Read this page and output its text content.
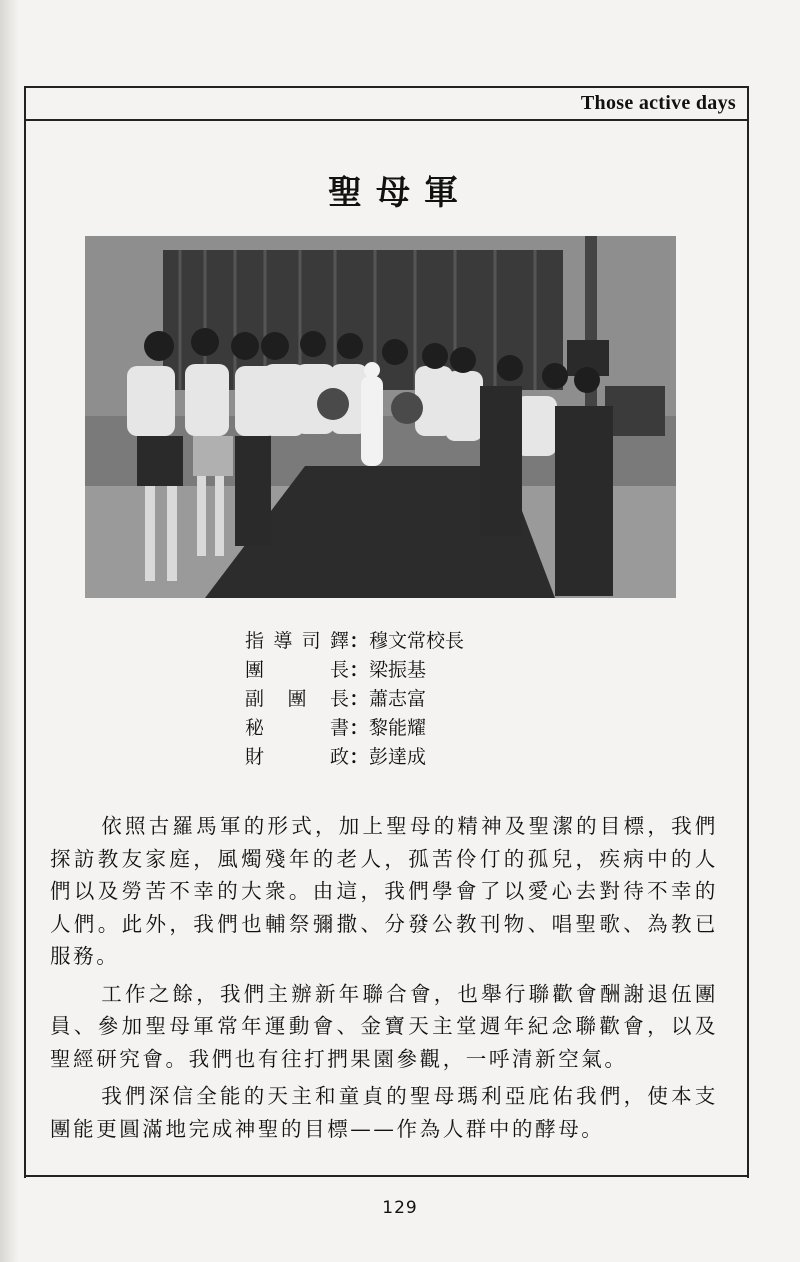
Those active days
聖母軍
指導司鐸 ： 穆文常校長
團長 ： 梁振基
副團長 ： 蕭志富
秘書 ： 黎能耀
財政 ： 彭達成

依照古羅馬軍的形式，加上聖母的精神及聖潔的目標，我們探訪教友家庭，風燭殘年的老人，孤苦伶仃的孤兒，疾病中的人們以及勞苦不幸的大衆。由這，我們學會了以愛心去對待不幸的人們。此外，我們也輔祭彌撒、分發公教刊物、唱聖歌、為教已服務。

工作之餘，我們主辦新年聯合會，也舉行聯歡會酬謝退伍團員、參加聖母軍常年運動會、金寶天主堂週年紀念聯歡會，以及聖經研究會。我們也有往打捫果園參觀，一呼清新空氣。

我們深信全能的天主和童貞的聖母瑪利亞庇佑我們，使本支團能更圓滿地完成神聖的目標——作為人群中的酵母。

129
